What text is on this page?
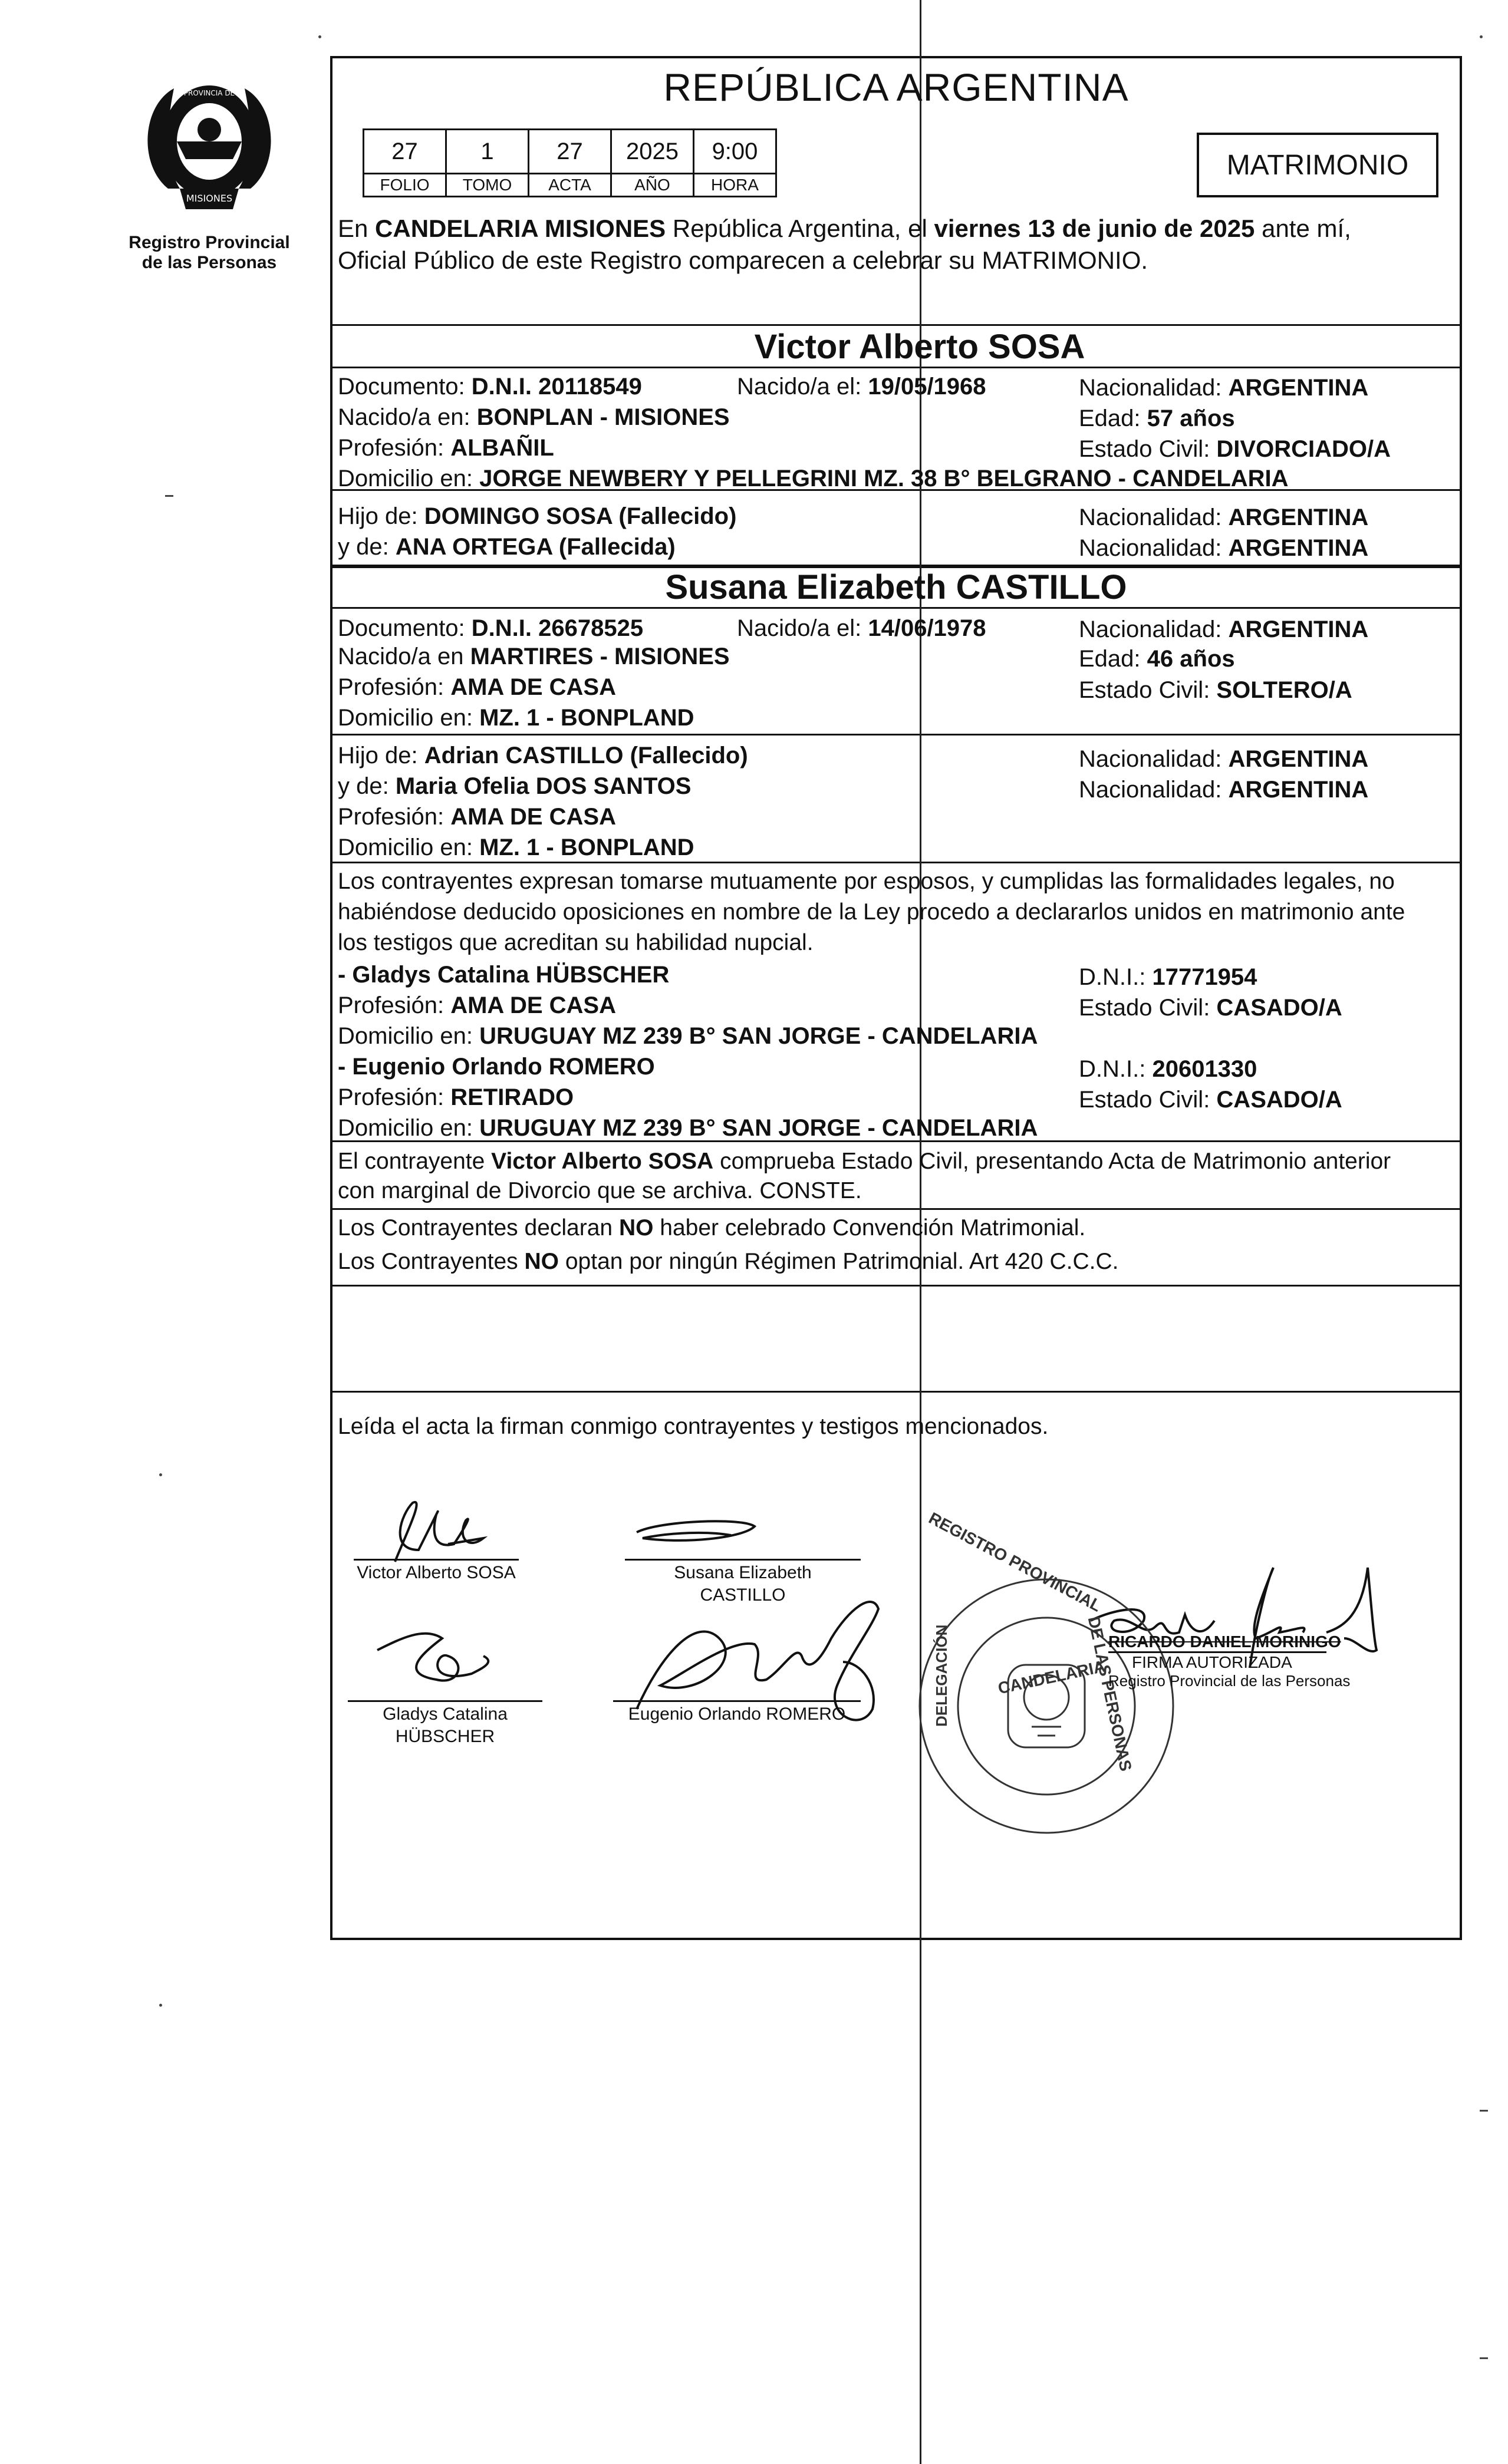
MISIONES
PROVINCIA DE
Registro Provincial
de las Personas
REPÚBLICA ARGENTINA
27	1	27	2025	9:00
FOLIO	TOMO	ACTA	AÑO	HORA
MATRIMONIO
En CANDELARIA MISIONES República Argentina, el viernes 13 de junio de 2025 ante mí,
Oficial Público de este Registro comparecen a celebrar su MATRIMONIO.
Victor Alberto SOSA
Documento: D.N.I. 20118549	Nacido/a el: 19/05/1968	Nacionalidad: ARGENTINA
Nacido/a en: BONPLAN - MISIONES	Edad: 57 años
Profesión: ALBAÑIL	Estado Civil: DIVORCIADO/A
Domicilio en: JORGE NEWBERY Y PELLEGRINI MZ. 38 B° BELGRANO - CANDELARIA
Hijo de: DOMINGO SOSA (Fallecido)	Nacionalidad: ARGENTINA
y de: ANA ORTEGA (Fallecida)	Nacionalidad: ARGENTINA
Susana Elizabeth CASTILLO
Documento: D.N.I. 26678525	Nacido/a el: 14/06/1978	Nacionalidad: ARGENTINA
Nacido/a en MARTIRES - MISIONES	Edad: 46 años
Profesión: AMA DE CASA	Estado Civil: SOLTERO/A
Domicilio en: MZ. 1 - BONPLAND
Hijo de: Adrian CASTILLO (Fallecido)	Nacionalidad: ARGENTINA
y de: Maria Ofelia DOS SANTOS	Nacionalidad: ARGENTINA
Profesión: AMA DE CASA
Domicilio en: MZ. 1 - BONPLAND
Los contrayentes expresan tomarse mutuamente por esposos, y cumplidas las formalidades legales, no
habiéndose deducido oposiciones en nombre de la Ley procedo a declararlos unidos en matrimonio ante
los testigos que acreditan su habilidad nupcial.
- Gladys Catalina HÜBSCHER	D.N.I.: 17771954
Profesión: AMA DE CASA	Estado Civil: CASADO/A
Domicilio en: URUGUAY MZ 239 B° SAN JORGE - CANDELARIA
- Eugenio Orlando ROMERO	D.N.I.: 20601330
Profesión: RETIRADO	Estado Civil: CASADO/A
Domicilio en: URUGUAY MZ 239 B° SAN JORGE - CANDELARIA
El contrayente Victor Alberto SOSA comprueba Estado Civil, presentando Acta de Matrimonio anterior
con marginal de Divorcio que se archiva. CONSTE.
Los Contrayentes declaran NO haber celebrado Convención Matrimonial.
Los Contrayentes NO optan por ningún Régimen Patrimonial. Art 420 C.C.C.
Leída el acta la firman conmigo contrayentes y testigos mencionados.
REGISTRO PROVINCIAL
DE LAS PERSONAS
CANDELARIA
DELEGACIÓN
Victor Alberto SOSA	Susana Elizabeth
CASTILLO
Gladys Catalina
HÜBSCHER
Eugenio Orlando ROMERO
RICARDO DANIEL MORINIGO
FIRMA AUTORIZADA
Registro Provincial de las Personas
